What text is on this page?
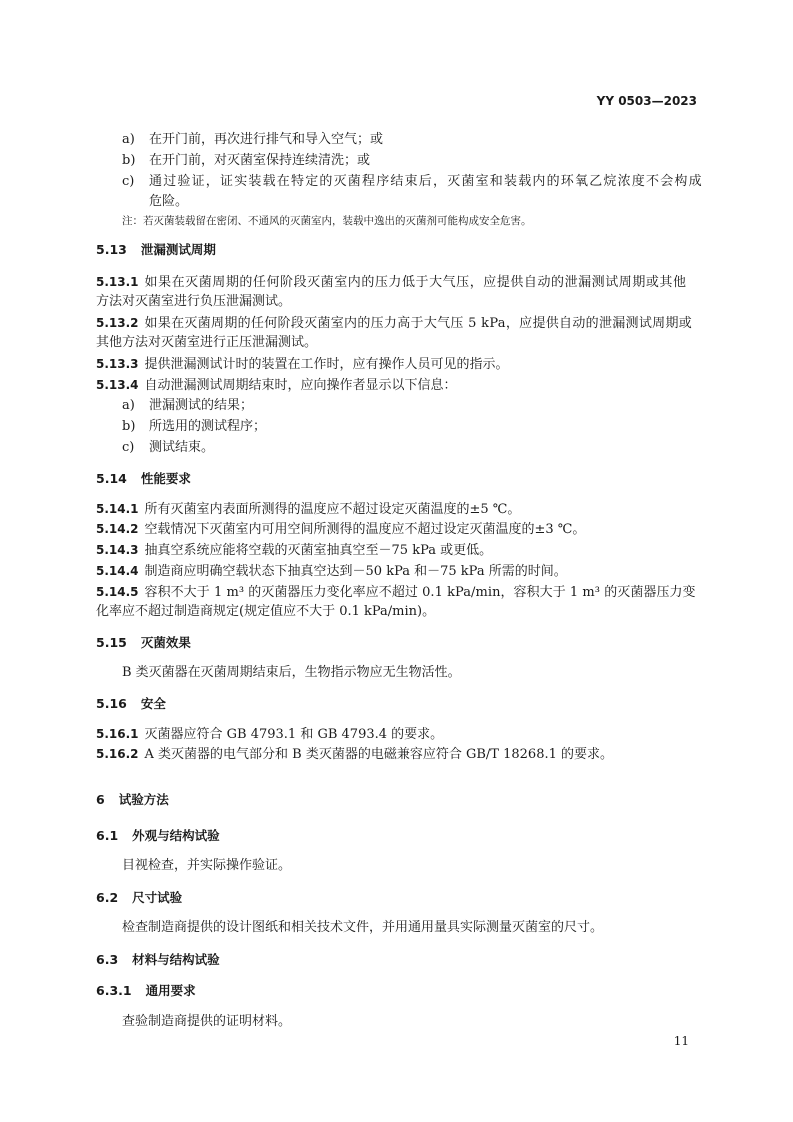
YY 0503—2023
a) 在开门前，再次进行排气和导入空气；或
b) 在开门前，对灭菌室保持连续清洗；或
c) 通过验证，证实装载在特定的灭菌程序结束后，灭菌室和装载内的环氧乙烷浓度不会构成
危险。
注：若灭菌装载留在密闭、不通风的灭菌室内，装载中逸出的灭菌剂可能构成安全危害。
5.13 泄漏测试周期
5.13.1 如果在灭菌周期的任何阶段灭菌室内的压力低于大气压，应提供自动的泄漏测试周期或其他
方法对灭菌室进行负压泄漏测试。
5.13.2 如果在灭菌周期的任何阶段灭菌室内的压力高于大气压 5 kPa，应提供自动的泄漏测试周期或
其他方法对灭菌室进行正压泄漏测试。
5.13.3 提供泄漏测试计时的装置在工作时，应有操作人员可见的指示。
5.13.4 自动泄漏测试周期结束时，应向操作者显示以下信息：
a) 泄漏测试的结果；
b) 所选用的测试程序；
c) 测试结束。
5.14 性能要求
5.14.1 所有灭菌室内表面所测得的温度应不超过设定灭菌温度的±5 ℃。
5.14.2 空载情况下灭菌室内可用空间所测得的温度应不超过设定灭菌温度的±3 ℃。
5.14.3 抽真空系统应能将空载的灭菌室抽真空至－75 kPa 或更低。
5.14.4 制造商应明确空载状态下抽真空达到－50 kPa 和－75 kPa 所需的时间。
5.14.5 容积不大于 1 m³ 的灭菌器压力变化率应不超过 0.1 kPa/min，容积大于 1 m³ 的灭菌器压力变
化率应不超过制造商规定(规定值应不大于 0.1 kPa/min)。
5.15 灭菌效果
B 类灭菌器在灭菌周期结束后，生物指示物应无生物活性。
5.16 安全
5.16.1 灭菌器应符合 GB 4793.1 和 GB 4793.4 的要求。
5.16.2 A 类灭菌器的电气部分和 B 类灭菌器的电磁兼容应符合 GB/T 18268.1 的要求。
6 试验方法
6.1 外观与结构试验
目视检查，并实际操作验证。
6.2 尺寸试验
检查制造商提供的设计图纸和相关技术文件，并用通用量具实际测量灭菌室的尺寸。
6.3 材料与结构试验
6.3.1 通用要求
查验制造商提供的证明材料。
11
